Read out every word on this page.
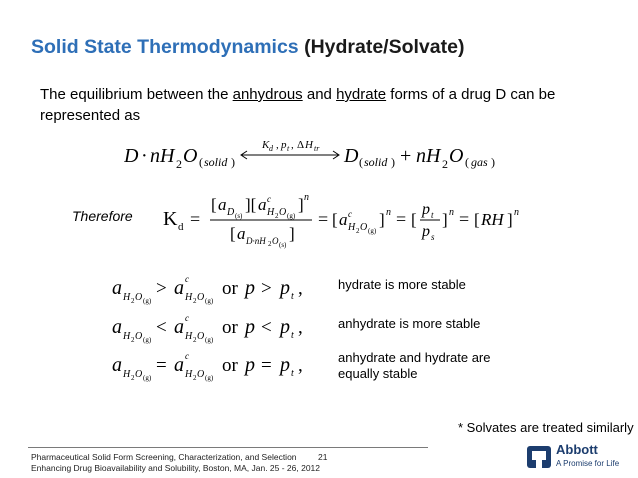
Solid State Thermodynamics (Hydrate/Solvate)
The equilibrium between the anhydrous and hydrate forms of a drug D can be represented as
D · nH 2 O ( solid )
K d , p t , Δ H tr D ( solid ) + nH 2 O ( gas )
Therefore K d =
[ a D (s)
][ a c
H 2 O (g)
] n
[ a D·nH 2 O (s)
]
= [ a c
H 2 O (g)
] n = [
p t
p s
] n = [ RH ] n
a H 2 O (g)
> a c
H 2 O (g)
or p > p t ,	hydrate is more stable
a H 2 O (g)
< a c
H 2 O (g)
or p < p t ,	anhydrate is more stable
a H 2 O (g)
= a c
H 2 O (g)
or p = p t ,	anhydrate and hydrate are equally stable
* Solvates are treated similarly
Pharmaceutical Solid Form Screening, Characterization, and Selection
Enhancing Drug Bioavailability and Solubility, Boston, MA, Jan. 25 - 26, 2012
21	Abbott
A Promise for Life
